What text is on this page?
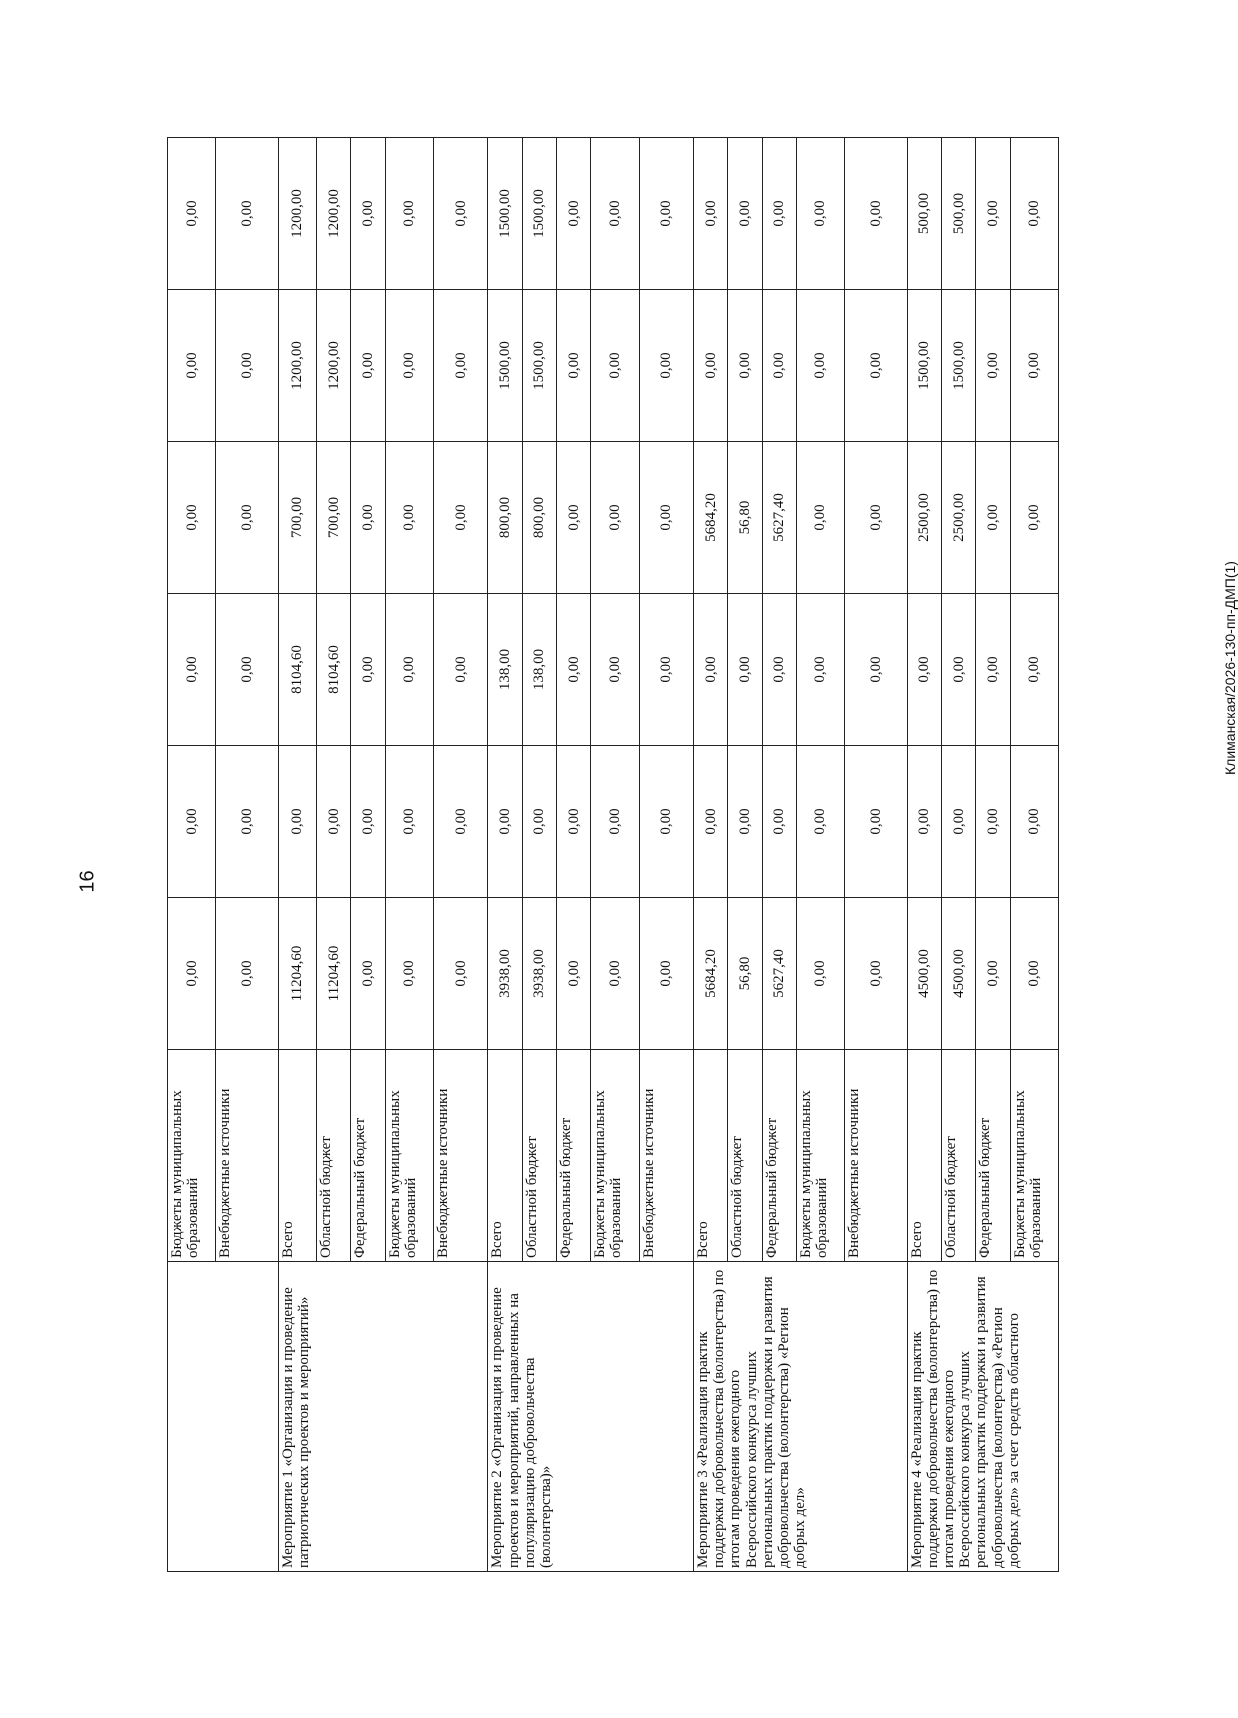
16
Климанская/2026-130-пп-ДМП(1)
	Бюджеты муниципальных образований	0,00	0,00	0,00	0,00	0,00	0,00
	Внебюджетные источники	0,00	0,00	0,00	0,00	0,00	0,00
Мероприятие 1 «Организация и проведение патриотических проектов и мероприятий»	Всего	11204,60	0,00	8104,60	700,00	1200,00	1200,00
	Областной бюджет	11204,60	0,00	8104,60	700,00	1200,00	1200,00
	Федеральный бюджет	0,00	0,00	0,00	0,00	0,00	0,00
	Бюджеты муниципальных образований	0,00	0,00	0,00	0,00	0,00	0,00
	Внебюджетные источники	0,00	0,00	0,00	0,00	0,00	0,00
Мероприятие 2 «Организация и проведение проектов и мероприятий, направленных на популяризацию добровольчества (волонтерства)»	Всего	3938,00	0,00	138,00	800,00	1500,00	1500,00
	Областной бюджет	3938,00	0,00	138,00	800,00	1500,00	1500,00
	Федеральный бюджет	0,00	0,00	0,00	0,00	0,00	0,00
	Бюджеты муниципальных образований	0,00	0,00	0,00	0,00	0,00	0,00
	Внебюджетные источники	0,00	0,00	0,00	0,00	0,00	0,00
Мероприятие 3 «Реализация практик поддержки добровольчества (волонтерства) по итогам проведения ежегодного Всероссийского конкурса лучших региональных практик поддержки и развития добровольчества (волонтерства) «Регион добрых дел»	Всего	5684,20	0,00	0,00	5684,20	0,00	0,00
	Областной бюджет	56,80	0,00	0,00	56,80	0,00	0,00
	Федеральный бюджет	5627,40	0,00	0,00	5627,40	0,00	0,00
	Бюджеты муниципальных образований	0,00	0,00	0,00	0,00	0,00	0,00
	Внебюджетные источники	0,00	0,00	0,00	0,00	0,00	0,00
Мероприятие 4 «Реализация практик поддержки добровольчества (волонтерства) по итогам проведения ежегодного Всероссийского конкурса лучших региональных практик поддержки и развития добровольчества (волонтерства) «Регион добрых дел» за счет средств областного	Всего	4500,00	0,00	0,00	2500,00	1500,00	500,00
	Областной бюджет	4500,00	0,00	0,00	2500,00	1500,00	500,00
	Федеральный бюджет	0,00	0,00	0,00	0,00	0,00	0,00
	Бюджеты муниципальных образований	0,00	0,00	0,00	0,00	0,00	0,00
